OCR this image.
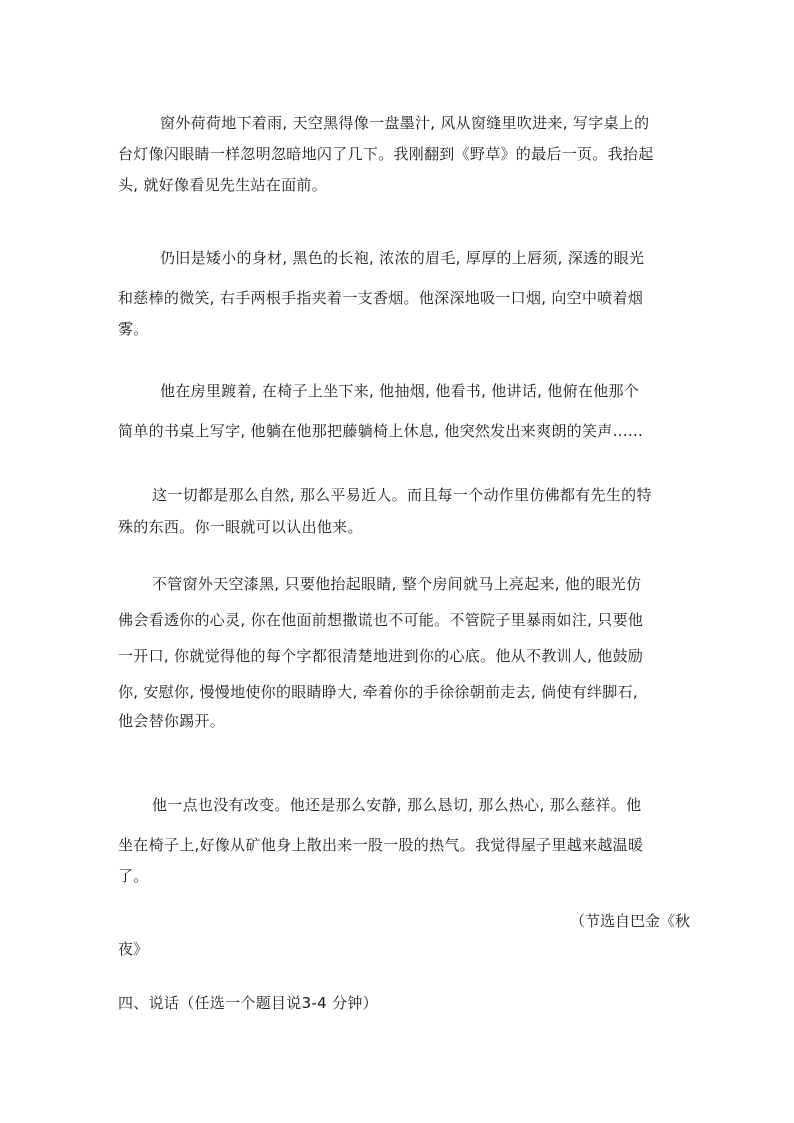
窗外荷荷地下着雨, 天空黑得像一盘墨汁, 风从窗缝里吹进来, 写字桌上的
台灯像闪眼睛一样忽明忽暗地闪了几下。我刚翻到《野草》的最后一页。我抬起
头, 就好像看见先生站在面前。

仍旧是矮小的身材, 黑色的长袍, 浓浓的眉毛, 厚厚的上唇须, 深透的眼光
和慈棒的微笑, 右手两根手指夹着一支香烟。他深深地吸一口烟, 向空中喷着烟
雾。

他在房里踱着, 在椅子上坐下来, 他抽烟, 他看书, 他讲话, 他俯在他那个
简单的书桌上写字, 他躺在他那把藤躺椅上休息, 他突然发出来爽朗的笑声……

这一切都是那么自然, 那么平易近人。而且每一个动作里仿佛都有先生的特
殊的东西。你一眼就可以认出他来。

不管窗外天空漆黑, 只要他抬起眼睛, 整个房间就马上亮起来, 他的眼光仿
佛会看透你的心灵, 你在他面前想撒谎也不可能。不管院子里暴雨如注, 只要他
一开口, 你就觉得他的每个字都很清楚地进到你的心底。他从不教训人, 他鼓励
你, 安慰你, 慢慢地使你的眼睛睁大, 牵着你的手徐徐朝前走去, 倘使有绊脚石,
他会替你踢开。

他一点也没有改变。他还是那么安静, 那么恳切, 那么热心, 那么慈祥。他
坐在椅子上,好像从矿他身上散出来一股一股的热气。我觉得屋子里越来越温暖
了。

（节选自巴金《秋
夜》

四、说话（任选一个题目说3-4 分钟）
